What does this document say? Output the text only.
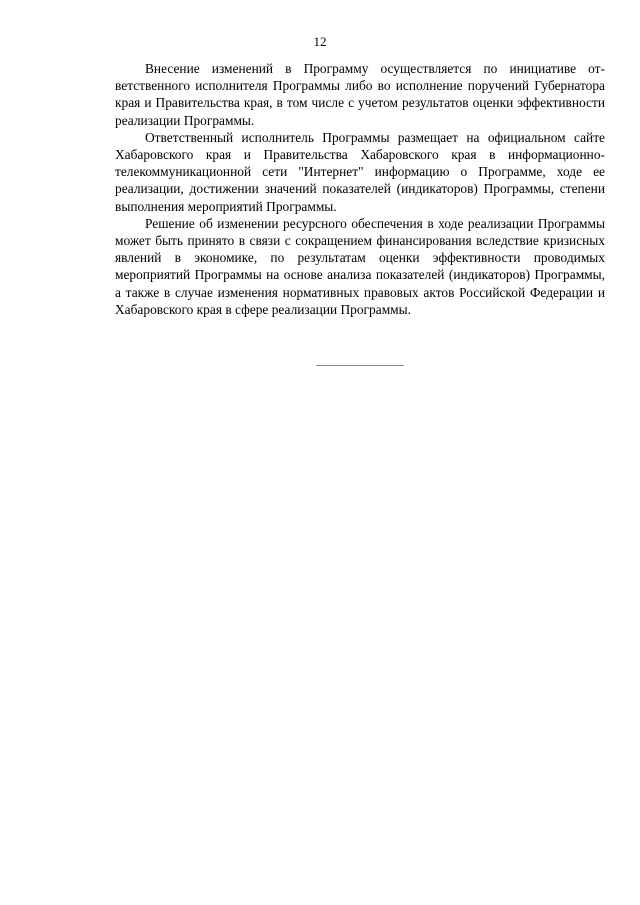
12

Внесение изменений в Программу осуществляется по инициативе ответственного исполнителя Программы либо во исполнение поручений Губернатора края и Правительства края, в том числе с учетом результатов оценки эффективности реализации Программы.

Ответственный исполнитель Программы размещает на официальном сайте Хабаровского края и Правительства Хабаровского края в информационно-телекоммуникационной сети "Интернет" информацию о Программе, ходе ее реализации, достижении значений показателей (индикаторов) Программы, степени выполнения мероприятий Программы.

Решение об изменении ресурсного обеспечения в ходе реализации Программы может быть принято в связи с сокращением финансирования вследствие кризисных явлений в экономике, по результатам оценки эффективности проводимых мероприятий Программы на основе анализа показателей (индикаторов) Программы, а также в случае изменения нормативных правовых актов Российской Федерации и Хабаровского края в сфере реализации Программы.
